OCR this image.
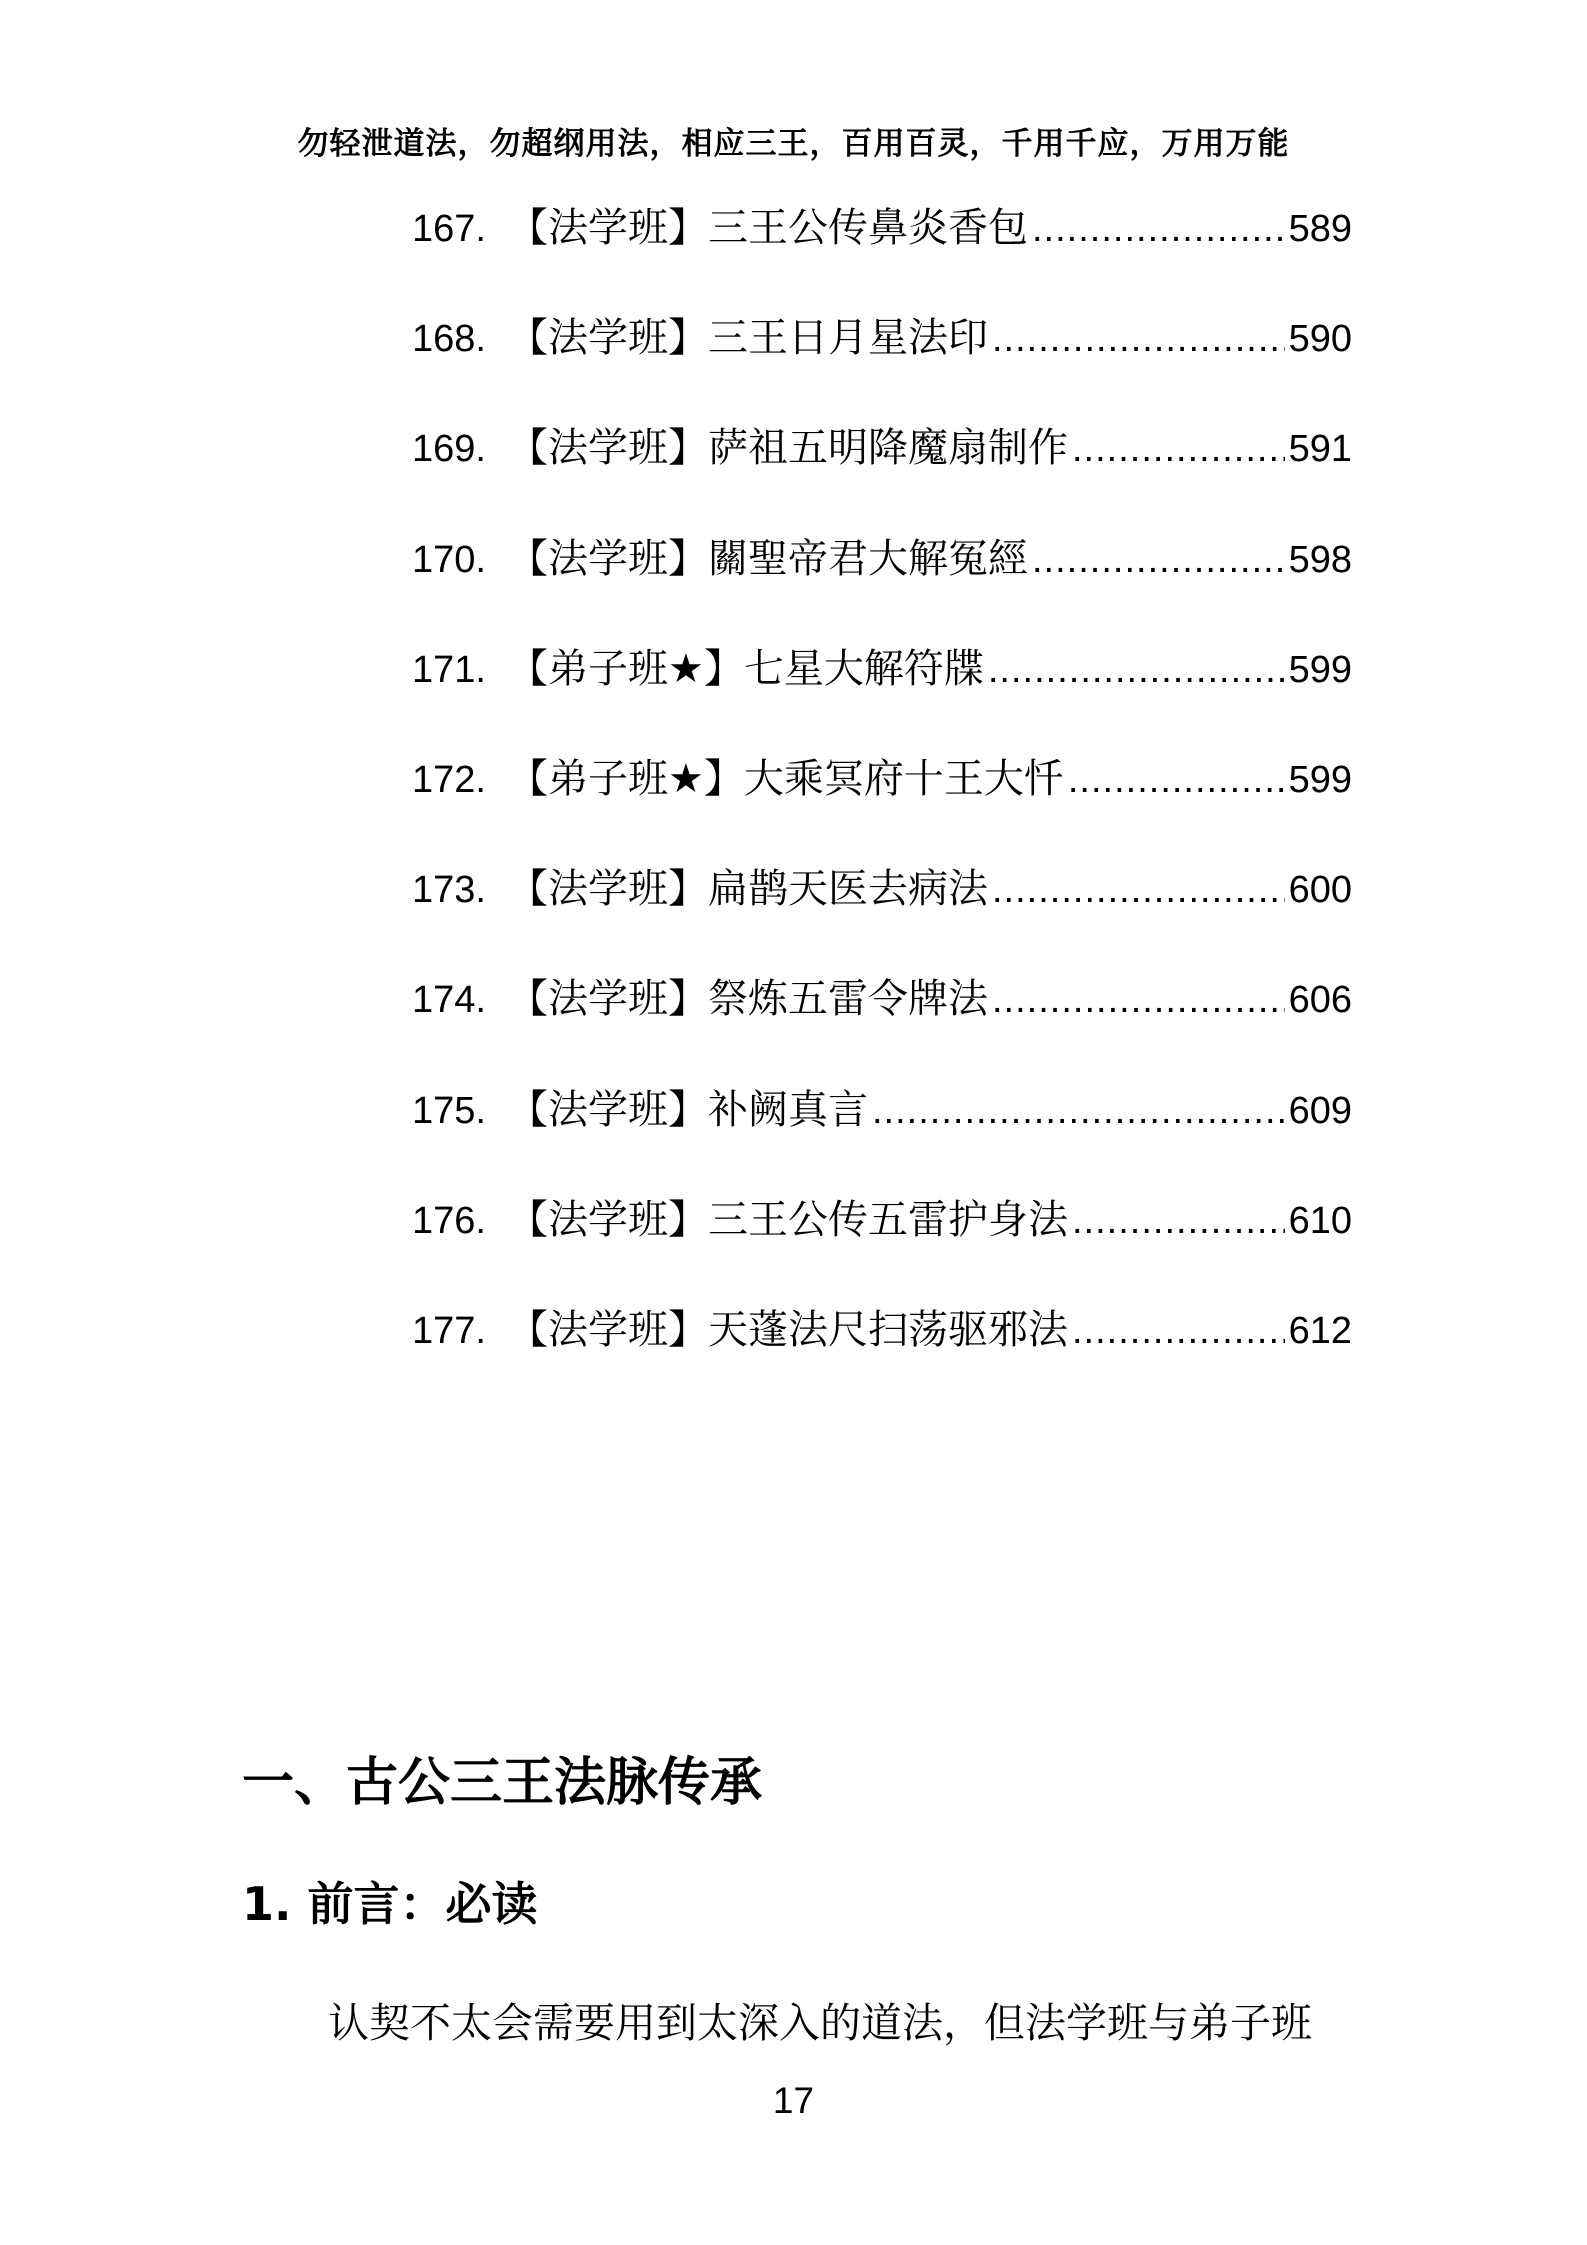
勿轻泄道法，勿超纲用法，相应三王，百用百灵，千用千应，万用万能
167. 【法学班】三王公传鼻炎香包 .....	589
168. 【法学班】三王日月星法印 .....	590
169. 【法学班】萨祖五明降魔扇制作 .....	591
170. 【法学班】關聖帝君大解冤經 .....	598
171. 【弟子班★】七星大解符牒 .....	599
172. 【弟子班★】大乘冥府十王大忏 .....	599
173. 【法学班】扁鹊天医去病法 .....	600
174. 【法学班】祭炼五雷令牌法 .....	606
175. 【法学班】补阙真言 .....	609
176. 【法学班】三王公传五雷护身法 .....	610
177. 【法学班】天蓬法尺扫荡驱邪法 .....	612
一、古公三王法脉传承
1. 前言：必读

认契不太会需要用到太深入的道法，但法学班与弟子班

17
